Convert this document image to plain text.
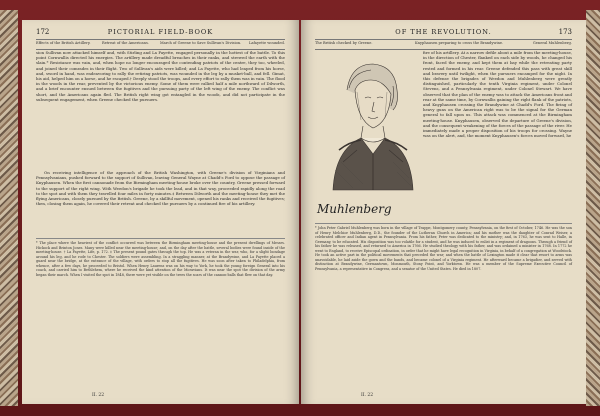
172	PICTORIAL FIELD-BOOK
Effects of the British Artillery.	Retreat of the Americans.	March of Greene to Save Sullivan's Division. Lafayette wounded.
sion Sullivan now attacked himself and, with Stirling and La Fayette, engaged personally in the hottest of the battle. To this point Cornwallis directed his energies. The artillery made dreadful breaches in their ranks, and strewed the earth with the slain.* Resistance was vain, and, when hope no longer encouraged the contending patriots of the centre, they too, wheeled, and joined their comrades in their flight. Two of Sullivan's aids were killed; and La Fayette, who had leaped from his horse, and, sword in hand, was endeavoring to rally the retiring patriots, was wounded in the leg by a musket-ball, and fell. Gimat, his aid, helped him on a horse, and he escaped.† Deeply stood the troops, and every effort to rally them was in vain. The flood in the woods in the rear, prevented by the victorious enemy. Some of them were rallied half a mile northward of Dilworth, and a brief encounter ensued between the fugitives and the pursuing party of the left wing of the enemy. The conflict was short, and the Americans again fled. The British right wing got entangled in the woods, and did not participate in the subsequent engagement, when Greene checked the pursuers.
On receiving intelligence of the approach of the British Washington, with Greene's division of Virginians and Pennsylvanians, pushed forward to the support of Sullivan, leaving General Wayne at Chadd's Ford to oppose the passage of Knyphausen. When the first cannonade from the Birmingham meeting-house broke over the country, Greene pressed forward to the support of the right wing. With Weedon's brigade he took the lead, and in that way, proceeded rapidly along the road to the spot and with them they travelled four miles in forty minutes.‡ Between Dilworth and the meeting-house they met the flying Americans, closely pursued by the British. Greene, by a skillful movement, opened his ranks and received the fugitives; then, closing them again, he covered their retreat and checked the pursuers by a continued fire of his artillery.
* The place where the heaviest of the conflict occurred was between the Birmingham meeting-house and the present dwellings of Messrs. Hickock and Brinton Jones. Many were killed near the meeting-house; and, on the day after the battle, several bodies were found inside of the meeting-house. † La Fayette, Life, p. 172. ‡ The present pound gates through the top. He was a veteran in the war, who, for a slight bondage around his leg, and he rode to Chester. The soldiers were assembling. In a straggling manner, at the Brandywine, and La Fayette placed a guard near the bridge, at the entrance of the village, with orders to stop all the fugitives. He was soon after taken to Philadelphia, from whence, after a few days, he proceeded to Bristol. When Henry Laurens was on his way to York, he took the young foreign General into his coach, and carried him to Bethlehem, where he received the kind attention of the Moravians. It was near the spot the division of the army began their march. When I visited the spot in 1848, there were yet visible on the trees the scars of the cannon-balls that flew on that day.
II. 22
OF THE REVOLUTION.	173
The British checked by Greene.	Knyphausen preparing to cross the Brandywine.	General Muhlenberg.
Muhlenberg
fire of his artillery. At a narrow defile about a mile from the meeting-house, in the direction of Chester, flanked on each side by woods, he changed his front, faced the enemy, and kept them at bay while the retreating party rested and formed in his rear. Greene defended this pass with great skill and bravery until twilight, when the pursuers encamped for the night. In this defense the brigades of Weedon and Muhlenberg were greatly distinguished, particularly the tenth Virginia regiment, under Colonel Stevens, and a Pennsylvania regiment, under Colonel Stewart. We have observed that the plan of the enemy was to attack the Americans front and rear at the same time, by Cornwallis gaining the right flank of the patriots, and Knyphausen crossing the Brandywine at Chadd's Ford. The firing of heavy guns on the American right was to be the signal for the German general to fall upon us. This attack was commenced at the Birmingham meeting-house. Knyphausen, observed the departure of Greene's division, and the consequent weakening of the forces of the passage of the river. He immediately made a proper disposition of his troops for crossing. Wayne was on the alert, and, the moment Knyphausen's forces moved forward, he
* John Peter Gabriel Muhlenberg was born in the village of Trappe, Montgomery county, Pennsylvania, on the first of October, 1746. He was the son of Henry Melchior Muhlenberg, D.D., the founder of the Lutheran Church in America; and his mother was the daughter of Conrad Weiser, a celebrated officer and Indian agent in Pennsylvania. From his father, Peter was dedicated to the ministry; and, in 1763, he was sent to Halle, in Germany, to be educated. His disposition was too volatile for a student, and he was induced to enlist in a regiment of dragoons. Through a friend of his father he was released, and returned to America in 1766. He studied theology with his father, and was ordained a minister in 1768. In 1772 he went to England, to receive Episcopal ordination, in order that he might have legal recognition in Virginia, in behalf of a congregation at Woodstock. He took an active part in the political movements that preceded the war; and when the battle of Lexington made it clear that resort to arms was unavoidable, he laid aside the gown and the bands, and became colonel of a Virginia regiment. He afterward became a brigadier, and served with distinction at Brandywine, Germantown, Monmouth, Stony Point, and Yorktown. He was a member of the Supreme Executive Council of Pennsylvania, a representative in Congress, and a senator of the United States. He died in 1807.
II. 22
